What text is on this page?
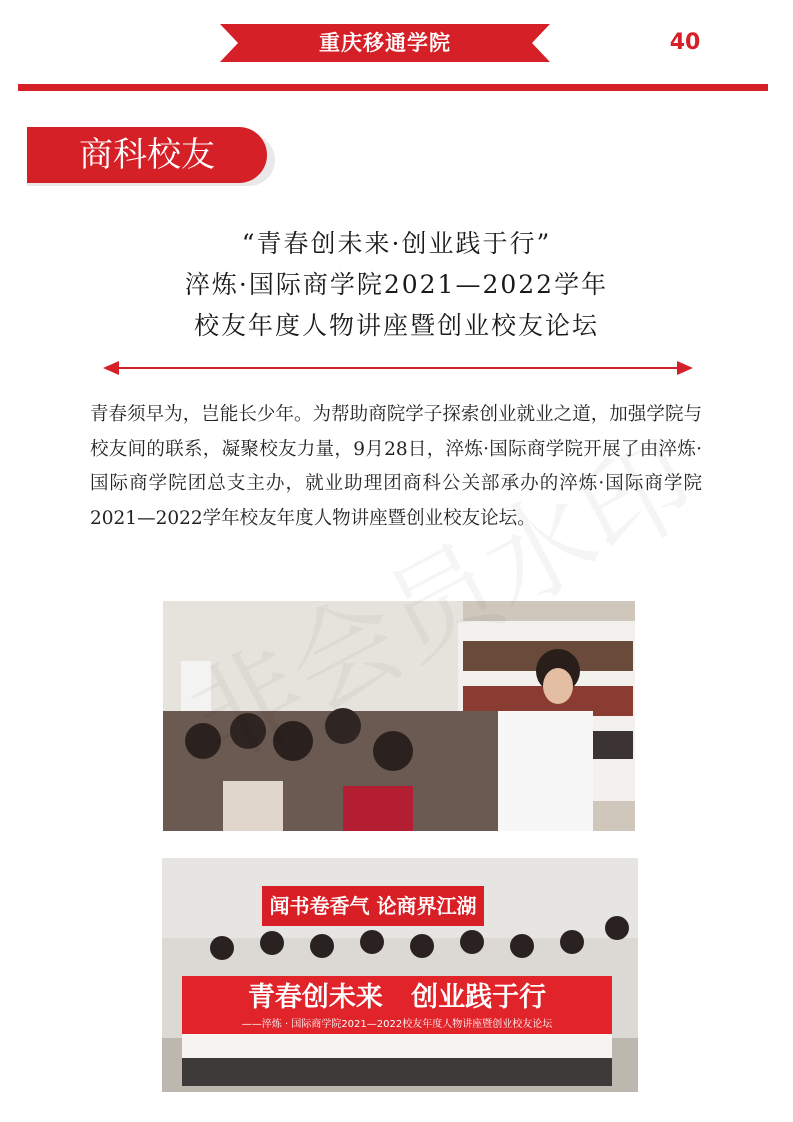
重庆移通学院	40
商科校友
“青春创未来·创业践于行”
淬炼·国际商学院2021—2022学年
校友年度人物讲座暨创业校友论坛
青春须早为，岂能长少年。为帮助商院学子探索创业就业之道，加强学院与校友间的联系，凝聚校友力量，9月28日，淬炼·国际商学院开展了由淬炼·国际商学院团总支主办，就业助理团商科公关部承办的淬炼·国际商学院2021—2022学年校友年度人物讲座暨创业校友论坛。
闻书卷香气 论商界江湖
青春创未来   创业践于行
——淬炼 · 国际商学院2021—2022校友年度人物讲座暨创业校友论坛
